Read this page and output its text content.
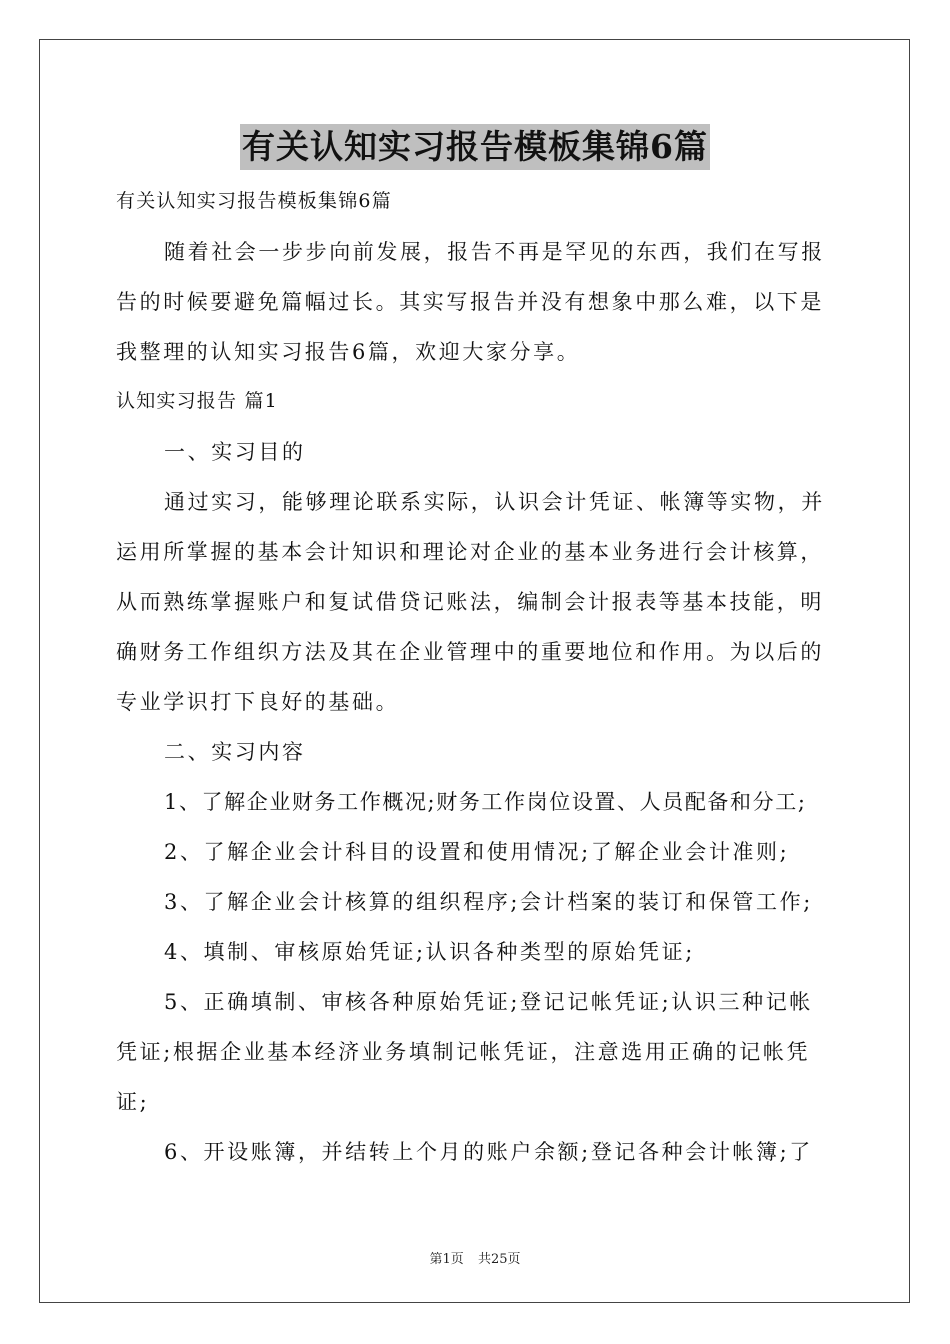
有关认知实习报告模板集锦6篇
有关认知实习报告模板集锦6篇
随着社会一步步向前发展，报告不再是罕见的东西，我们在写报
告的时候要避免篇幅过长。其实写报告并没有想象中那么难，以下是
我整理的认知实习报告6篇，欢迎大家分享。
认知实习报告 篇1
一、实习目的
通过实习，能够理论联系实际，认识会计凭证、帐簿等实物，并
运用所掌握的基本会计知识和理论对企业的基本业务进行会计核算，
从而熟练掌握账户和复试借贷记账法，编制会计报表等基本技能，明
确财务工作组织方法及其在企业管理中的重要地位和作用。为以后的
专业学识打下良好的基础。
二、实习内容
1、了解企业财务工作概况;财务工作岗位设置、人员配备和分工;
2、了解企业会计科目的设置和使用情况;了解企业会计准则;
3、了解企业会计核算的组织程序;会计档案的装订和保管工作;
4、填制、审核原始凭证;认识各种类型的原始凭证;
5、正确填制、审核各种原始凭证;登记记帐凭证;认识三种记帐
凭证;根据企业基本经济业务填制记帐凭证，注意选用正确的记帐凭
证;
6、开设账簿，并结转上个月的账户余额;登记各种会计帐簿;了
第1页 共25页
